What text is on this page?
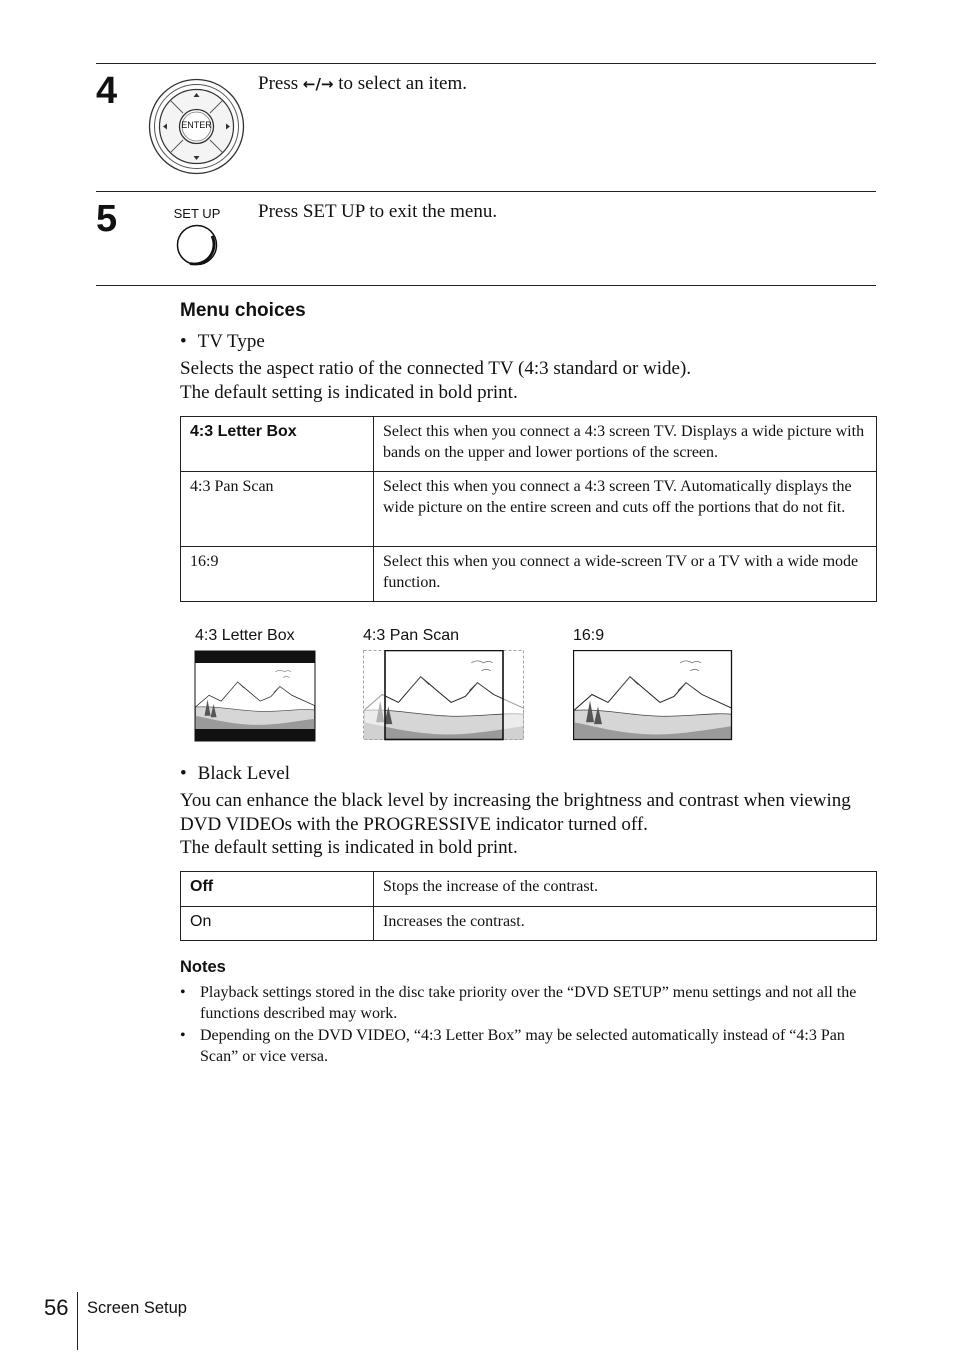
4
ENTER
Press ←/→ to select an item.
5	SET UP Press SET UP to exit the menu.
Menu choices
• TV Type
Selects the aspect ratio of the connected TV (4:3 standard or wide).
The default setting is indicated in bold print.
4:3 Letter Box	Select this when you connect a 4:3 screen TV. Displays a wide picture with bands on the upper and lower portions of the screen.
4:3 Pan Scan	Select this when you connect a 4:3 screen TV. Automatically displays the wide picture on the entire screen and cuts off the portions that do not fit.
16:9	Select this when you connect a wide-screen TV or a TV with a wide mode function.
4:3 Letter Box	4:3 Pan Scan	16:9
• Black Level
You can enhance the black level by increasing the brightness and contrast when viewing DVD VIDEOs with the PROGRESSIVE indicator turned off.
The default setting is indicated in bold print.
Off	Stops the increase of the contrast.
On	Increases the contrast.
Notes
• Playback settings stored in the disc take priority over the “DVD SETUP” menu settings and not all the functions described may work.
• Depending on the DVD VIDEO, “4:3 Letter Box” may be selected automatically instead of “4:3 Pan Scan” or vice versa.
56 Screen Setup
